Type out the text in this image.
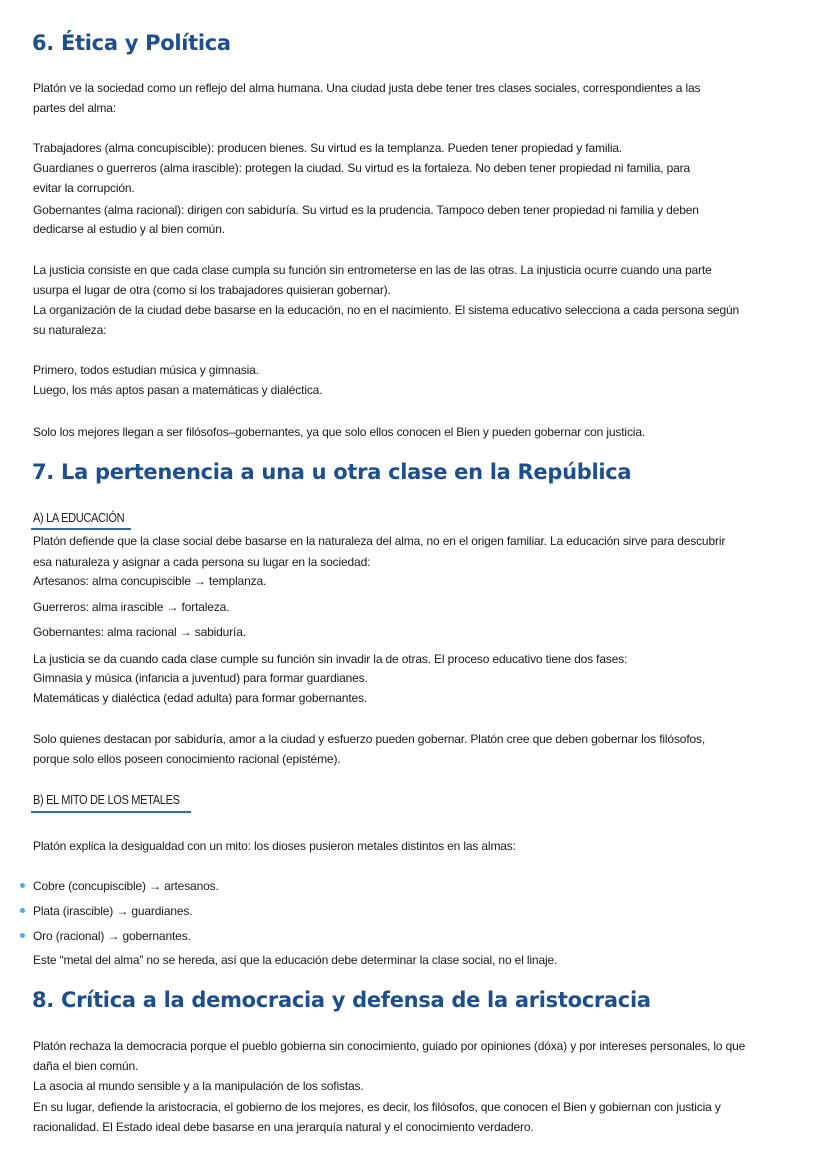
6. Ética y Política
Platón ve la sociedad como un reflejo del alma humana. Una ciudad justa debe tener tres clases sociales, correspondientes a las
partes del alma:
Trabajadores (alma concupiscible): producen bienes. Su virtud es la templanza. Pueden tener propiedad y familia.
Guardianes o guerreros (alma irascible): protegen la ciudad. Su virtud es la fortaleza. No deben tener propiedad ni familia, para
evitar la corrupción.
Gobernantes (alma racional): dirigen con sabiduría. Su virtud es la prudencia. Tampoco deben tener propiedad ni familia y deben
dedicarse al estudio y al bien común.
La justicia consiste en que cada clase cumpla su función sin entrometerse en las de las otras. La injusticia ocurre cuando una parte
usurpa el lugar de otra (como si los trabajadores quisieran gobernar).
La organización de la ciudad debe basarse en la educación, no en el nacimiento. El sistema educativo selecciona a cada persona según
su naturaleza:
Primero, todos estudian música y gimnasia.
Luego, los más aptos pasan a matemáticas y dialéctica.
Solo los mejores llegan a ser filósofos–gobernantes, ya que solo ellos conocen el Bien y pueden gobernar con justicia.
7. La pertenencia a una u otra clase en la República
A) LA EDUCACIÓN
Platón defiende que la clase social debe basarse en la naturaleza del alma, no en el origen familiar. La educación sirve para descubrir
esa naturaleza y asignar a cada persona su lugar en la sociedad:
Artesanos: alma concupiscible → templanza.
Guerreros: alma irascible → fortaleza.
Gobernantes: alma racional → sabiduría.
La justicia se da cuando cada clase cumple su función sin invadir la de otras. El proceso educativo tiene dos fases:
Gimnasia y música (infancia a juventud) para formar guardianes.
Matemáticas y dialéctica (edad adulta) para formar gobernantes.
Solo quienes destacan por sabiduría, amor a la ciudad y esfuerzo pueden gobernar. Platón cree que deben gobernar los filósofos,
porque solo ellos poseen conocimiento racional (epistéme).
B) EL MITO DE LOS METALES
Platón explica la desigualdad con un mito: los dioses pusieron metales distintos en las almas:
Cobre (concupiscible) → artesanos.
Plata (irascible) → guardianes.
Oro (racional) → gobernantes.
Este “metal del alma” no se hereda, así que la educación debe determinar la clase social, no el linaje.
8. Crítica a la democracia y defensa de la aristocracia
Platón rechaza la democracia porque el pueblo gobierna sin conocimiento, guiado por opiniones (dóxa) y por intereses personales, lo que
daña el bien común.
La asocia al mundo sensible y a la manipulación de los sofistas.
En su lugar, defiende la aristocracia, el gobierno de los mejores, es decir, los filósofos, que conocen el Bien y gobiernan con justicia y
racionalidad. El Estado ideal debe basarse en una jerarquía natural y el conocimiento verdadero.
